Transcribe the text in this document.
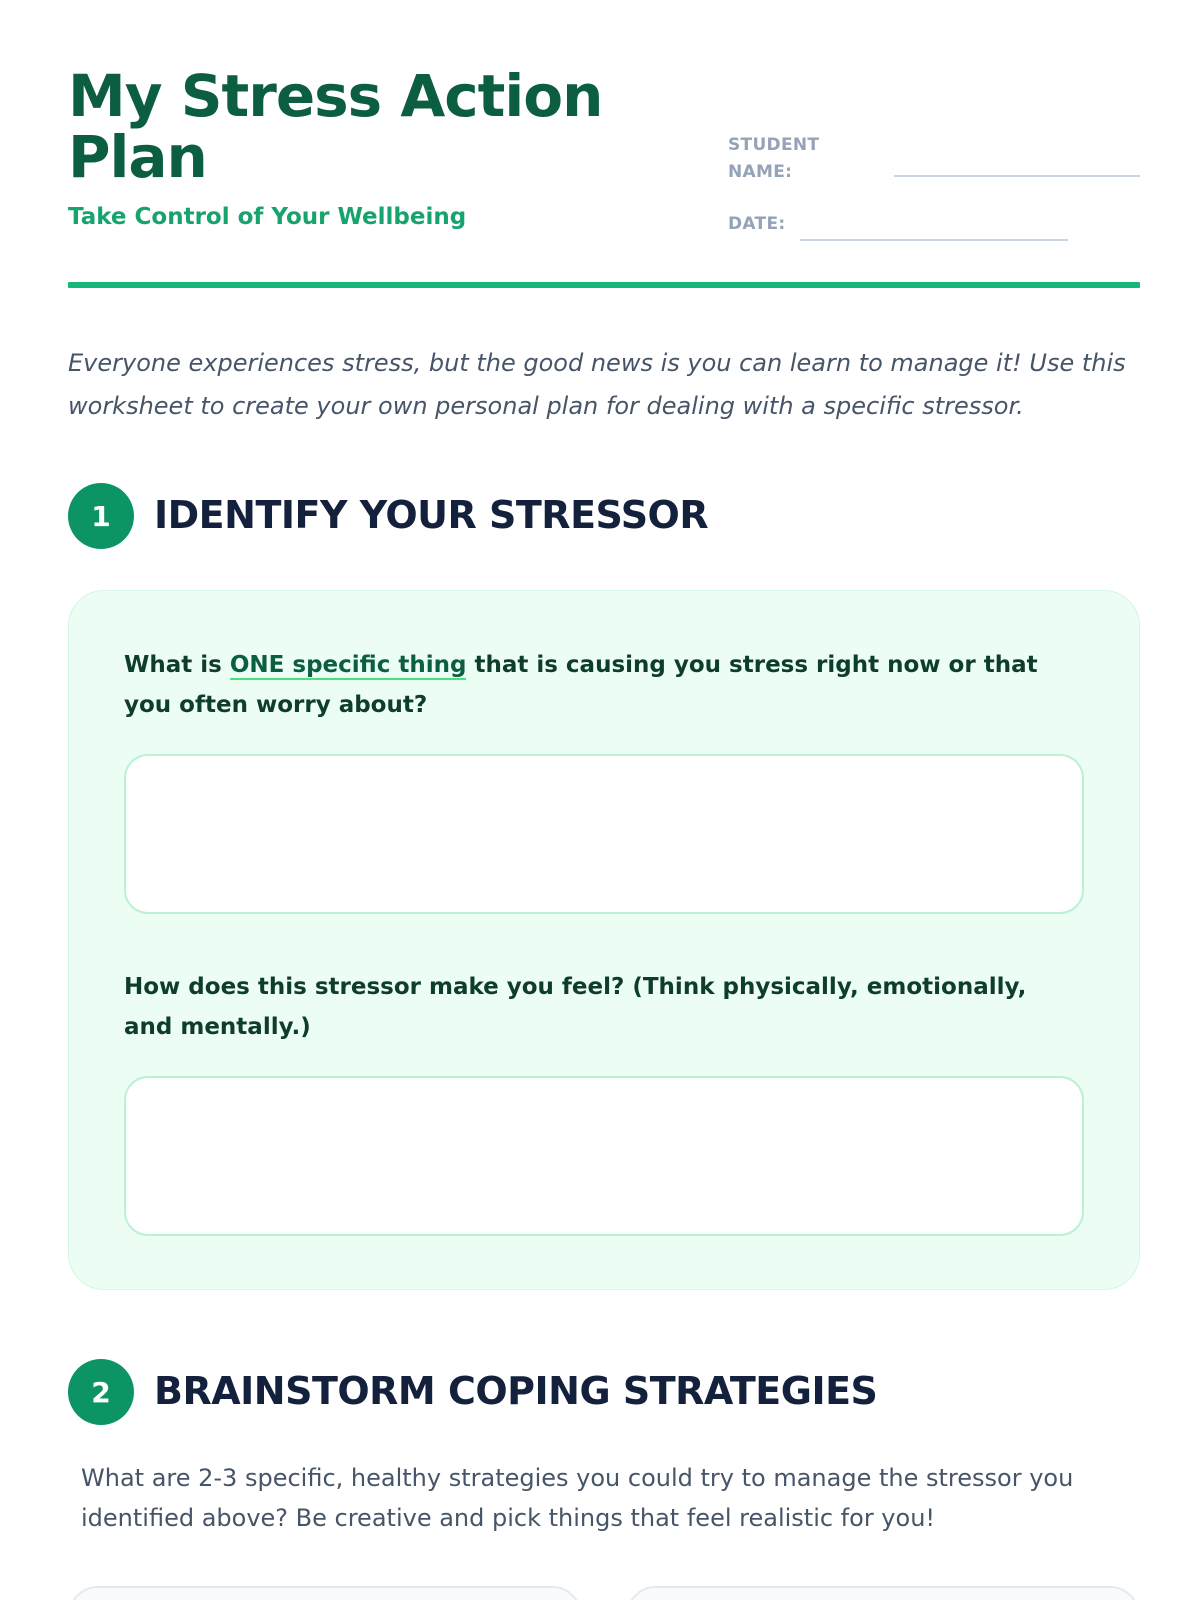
My Stress Action Plan
Take Control of Your Wellbeing
STUDENT NAME:
DATE:

Everyone experiences stress, but the good news is you can learn to manage it! Use this worksheet to create your own personal plan for dealing with a specific stressor.

1	IDENTIFY YOUR STRESSOR

What is ONE specific thing that is causing you stress right now or that you often worry about?

How does this stressor make you feel? (Think physically, emotionally, and mentally.)

2	BRAINSTORM COPING STRATEGIES

What are 2-3 specific, healthy strategies you could try to manage the stressor you identified above? Be creative and pick things that feel realistic for you!
